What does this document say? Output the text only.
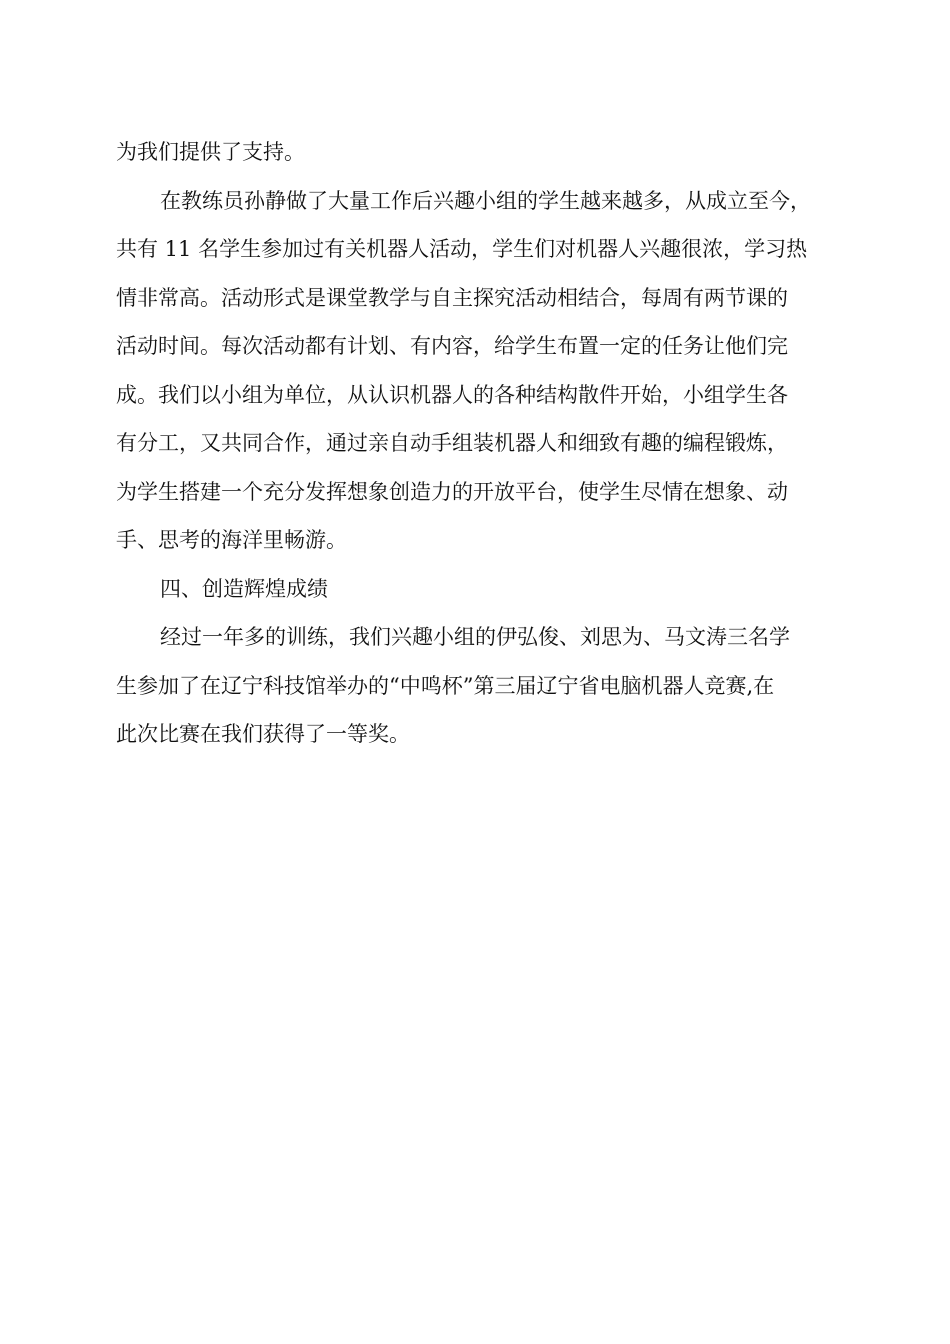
为我们提供了支持。
在教练员孙静做了大量工作后兴趣小组的学生越来越多，从成立至今，
共有 11 名学生参加过有关机器人活动，学生们对机器人兴趣很浓，学习热
情非常高。活动形式是课堂教学与自主探究活动相结合，每周有两节课的
活动时间。每次活动都有计划、有内容，给学生布置一定的任务让他们完
成。我们以小组为单位，从认识机器人的各种结构散件开始，小组学生各
有分工，又共同合作，通过亲自动手组装机器人和细致有趣的编程锻炼，
为学生搭建一个充分发挥想象创造力的开放平台，使学生尽情在想象、动
手、思考的海洋里畅游。
四、创造辉煌成绩
经过一年多的训练，我们兴趣小组的伊弘俊、刘思为、马文涛三名学
生参加了在辽宁科技馆举办的“中鸣杯”第三届辽宁省电脑机器人竞赛,在
此次比赛在我们获得了一等奖。
